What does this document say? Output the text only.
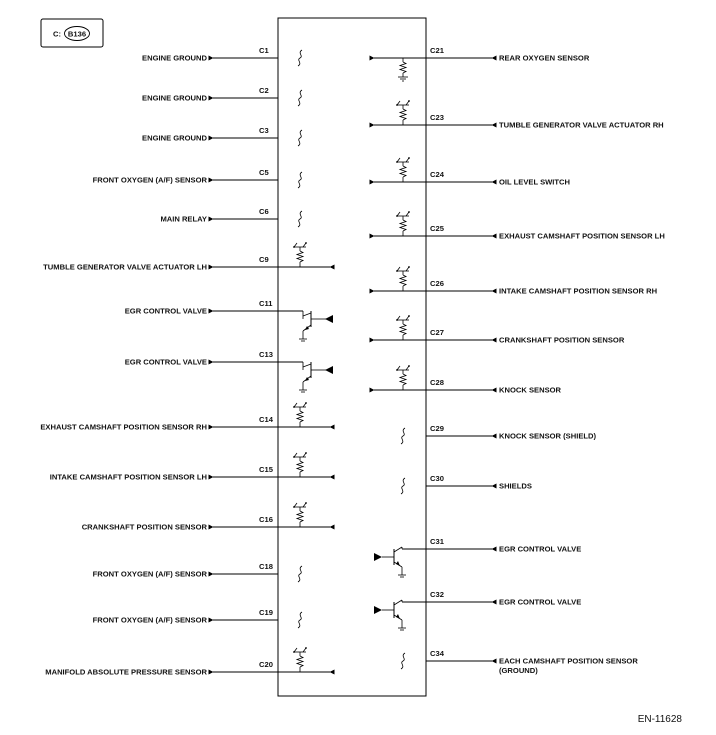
C: B136
ENGINE GROUND
C1
ENGINE GROUND
C2
ENGINE GROUND
C3
FRONT OXYGEN (A/F) SENSOR
C5
MAIN RELAY
C6
TUMBLE GENERATOR VALVE ACTUATOR LH
C9
EGR CONTROL VALVE
C11
EGR CONTROL VALVE
C13
EXHAUST CAMSHAFT POSITION SENSOR RH
C14
INTAKE CAMSHAFT POSITION SENSOR LH
C15
CRANKSHAFT POSITION SENSOR
C16
FRONT OXYGEN (A/F) SENSOR
C18
FRONT OXYGEN (A/F) SENSOR
C19
MANIFOLD ABSOLUTE PRESSURE SENSOR
C20
C21
REAR OXYGEN SENSOR
C23
TUMBLE GENERATOR VALVE ACTUATOR RH
C24
OIL LEVEL SWITCH
C25
EXHAUST CAMSHAFT POSITION SENSOR LH
C26
INTAKE CAMSHAFT POSITION SENSOR RH
C27
CRANKSHAFT POSITION SENSOR
C28
KNOCK SENSOR
C29
KNOCK SENSOR (SHIELD)
C30
SHIELDS
C31
EGR CONTROL VALVE
C32
EGR CONTROL VALVE
C34
EACH CAMSHAFT POSITION SENSOR
(GROUND)
EN-11628
